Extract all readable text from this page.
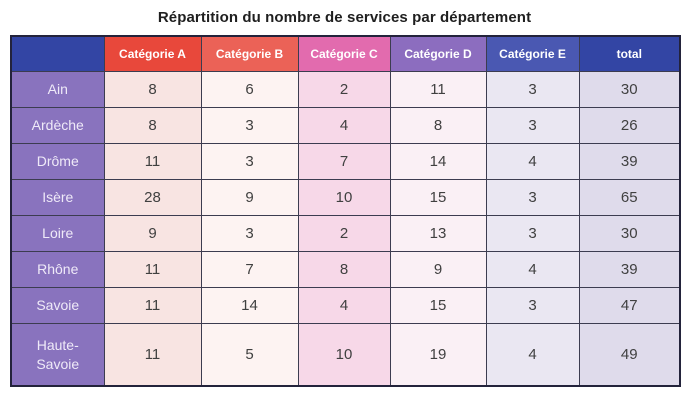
Répartition du nombre de services par département
	Catégorie A	Catégorie B	Catégorie C	Catégorie D	Catégorie E	total
Ain	8	6	2	11	3	30
Ardèche	8	3	4	8	3	26
Drôme	11	3	7	14	4	39
Isère	28	9	10	15	3	65
Loire	9	3	2	13	3	30
Rhône	11	7	8	9	4	39
Savoie	11	14	4	15	3	47
Haute-Savoie	11	5	10	19	4	49
